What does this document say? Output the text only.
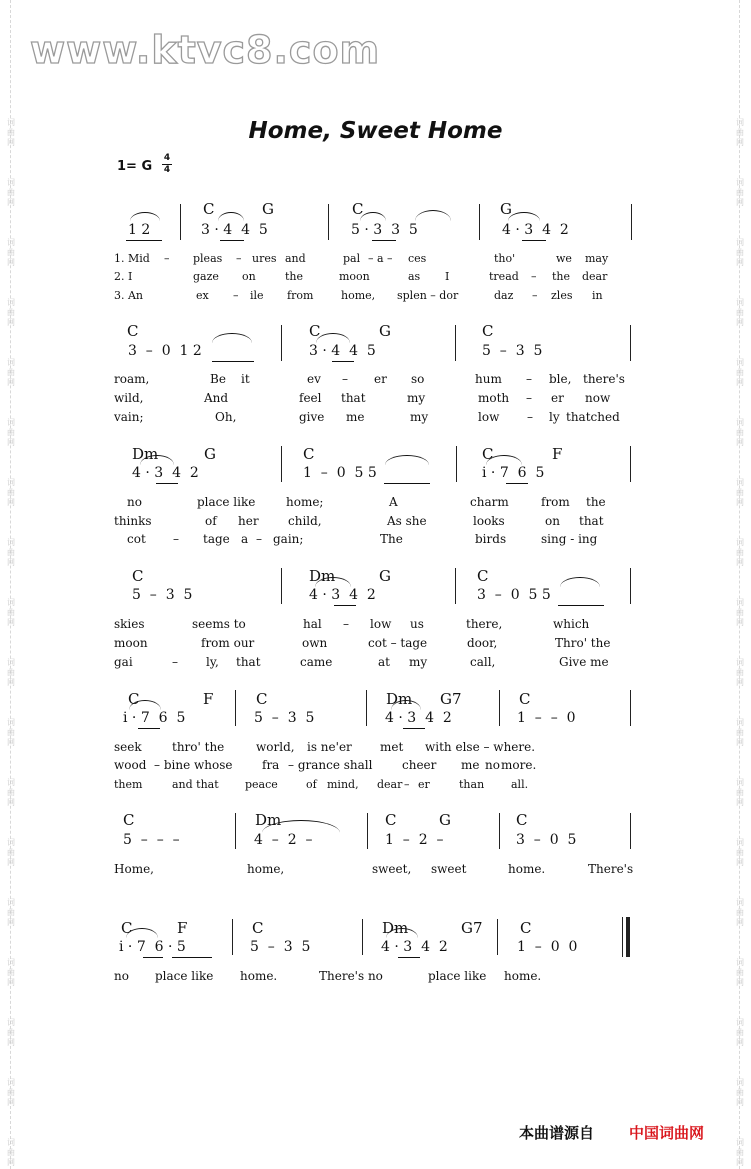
词
曲
网
词
曲
网
词
曲
网
词
曲
网
词
曲
网
词
曲
网
词
曲
网
词
曲
网
词
曲
网
词
曲
网
词
曲
网
词
曲
网
词
曲
网
词
曲
网
词
曲
网
词
曲
网
词
曲
网
词
曲
网
词
曲
网
词
曲
网
词
曲
网
词
曲
网
词
曲
网
词
曲
网
词
曲
网
词
曲
网
词
曲
网
词
曲
网
词
曲
网
词
曲
网
词
曲
网
词
曲
网
词
曲
网
词
曲
网
词
曲
网
词
曲
网
www.ktvc8.com
Home, Sweet Home
1= G
4
4
C	G	C	G
1 2	3 · 4  4  5	5 · 3  3  5	4 · 3  4  2
1. Mid – pleas – ures and	pal – a – ces	tho'	we may
2. I	gaze on	the	moon	as I	tread – the dear
3. An	ex – ile from	home, splen – dor	daz – zles in
C	C	G	C
3  –  0  1 2	3 · 4  4  5	5  –  3  5
roam,	Be it	ev – er so	hum – ble, there's
wild,	And	feel that	my	moth – er now
vain;	Oh,	give me	my	low – ly thatched
Dm	G	C	C	F
4 · 3  4  2	1  –  0  5 5	i · 7  6  5
no	place like	home;	A	charm	from the
thinks	of her child,	As she	looks	on that
cot – tage a – gain;	The	birds	sing - ing
C	Dm	G	C
5  –  3  5	4 · 3  4  2	3  –  0  5 5
skies	seems to	hal – low us	there,	which
moon	from our	own	cot – tage	door,	Thro' the
gai	– ly, that	came	at my	call,	Give me
C	F	C	Dm G7	C
i · 7  6  5	5  –  3  5	4 · 3  4  2	1  –  –  0
seek	thro' the	world, is ne'er met with else – where.
wood – bine whose fra – grance shall cheer me no more.
them	and that peace	of mind, dear – er	than all.
C	Dm	C	G	C
5  –  –  –	4  –  2  –	1  –  2  –	3  –  0  5
Home,	home,	sweet, sweet	home.	There's
C	F	C	Dm	G7 C
i · 7  6 · 5	5  –  3  5	4 · 3  4  2	1  –  0  0
no place like home.	There's no	place like home.
本曲谱源自 中国词曲网
